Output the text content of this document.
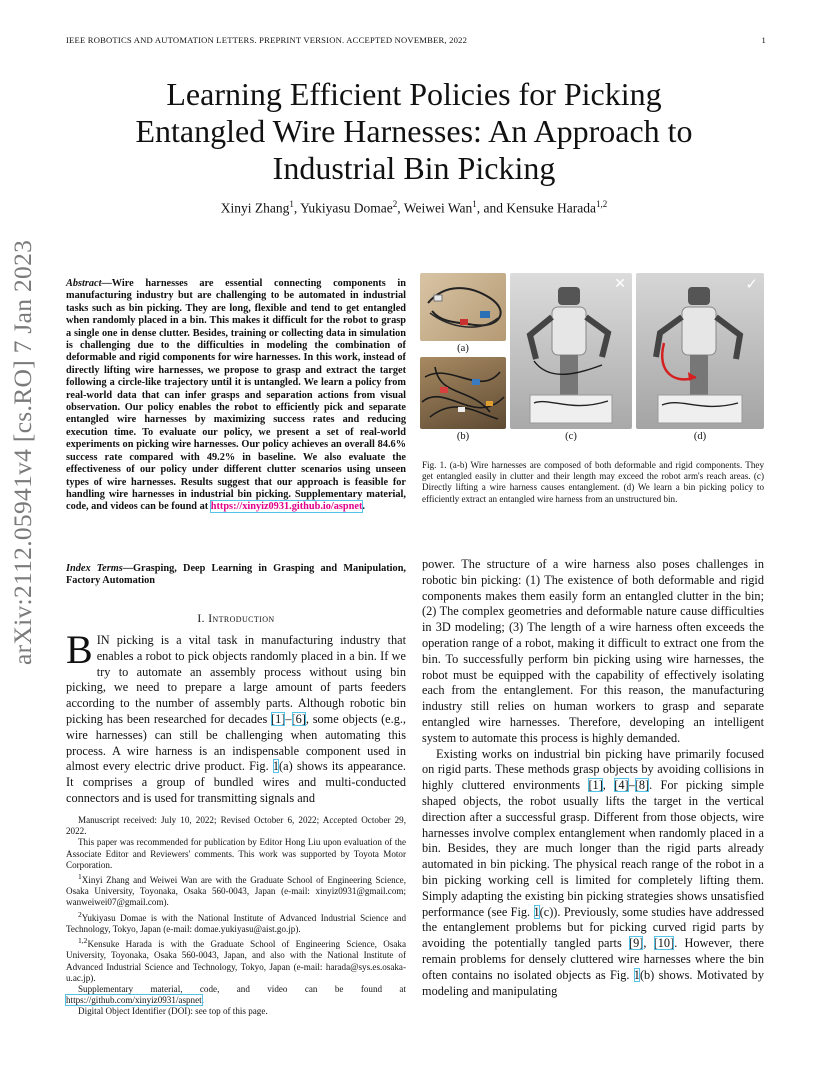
IEEE ROBOTICS AND AUTOMATION LETTERS. PREPRINT VERSION. ACCEPTED NOVEMBER, 2022	1
Learning Efficient Policies for Picking
Entangled Wire Harnesses: An Approach to
Industrial Bin Picking
Xinyi Zhang$^1$, Yukiyasu Domae$^2$, Weiwei Wan$^1$, and Kensuke Harada$^{1,2}$
arXiv:2112.05941v4 [cs.RO] 7 Jan 2023	Abstract—Wire harnesses are essential connecting components in manufacturing industry but are challenging to be automated in industrial tasks such as bin picking. They are long, flexible and tend to get entangled when randomly placed in a bin. This makes it difficult for the robot to grasp a single one in dense clutter. Besides, training or collecting data in simulation is challenging due to the difficulties in modeling the combination of deformable and rigid components for wire harnesses. In this work, instead of directly lifting wire harnesses, we propose to grasp and extract the target following a circle-like trajectory until it is untangled. We learn a policy from real-world data that can infer grasps and separation actions from visual observation. Our policy enables the robot to efficiently pick and separate entangled wire harnesses by maximizing success rates and reducing execution time. To evaluate our policy, we present a set of real-world experiments on picking wire harnesses. Our policy achieves an overall 84.6% success rate compared with 49.2% in baseline. We also evaluate the effectiveness of our policy under different clutter scenarios using unseen types of wire harnesses. Results suggest that our approach is feasible for handling wire harnesses in industrial bin picking. Supplementary material, code, and videos can be found at https://xinyiz0931.github.io/aspnet.
Index Terms—Grasping, Deep Learning in Grasping and Manipulation, Factory Automation
I. Introduction
BIN picking is a vital task in manufacturing industry that enables a robot to pick objects randomly placed in a bin. If we try to automate an assembly process without using bin picking, we need to prepare a large amount of parts feeders according to the number of assembly parts. Although robotic bin picking has been researched for decades [1]–[6], some objects (e.g., wire harnesses) can still be challenging when automating this process. A wire harness is an indispensable component used in almost every electric drive product. Fig. 1(a) shows its appearance. It comprises a group of bundled wires and multi-conducted connectors and is used for transmitting signals and

Manuscript received: July 10, 2022; Revised October 6, 2022; Accepted October 29, 2022.

This paper was recommended for publication by Editor Hong Liu upon evaluation of the Associate Editor and Reviewers' comments. This work was supported by Toyota Motor Corporation.

$^1$Xinyi Zhang and Weiwei Wan are with the Graduate School of Engineering Science, Osaka University, Toyonaka, Osaka 560-0043, Japan (e-mail: xinyiz0931@gmail.com; wanweiwei07@gmail.com).

$^2$Yukiyasu Domae is with the National Institute of Advanced Industrial Science and Technology, Tokyo, Japan (e-mail: domae.yukiyasu@aist.go.jp).

$^{1,2}$Kensuke Harada is with the Graduate School of Engineering Science, Osaka University, Toyonaka, Osaka 560-0043, Japan, and also with the National Institute of Advanced Industrial Science and Technology, Tokyo, Japan (e-mail: harada@sys.es.osaka-u.ac.jp).

Supplementary material, code, and video can be found at https://github.com/xinyiz0931/aspnet.

Digital Object Identifier (DOI): see top of this page.

(a)
(b)
✕
(c)
✓
(d)
Fig. 1. (a-b) Wire harnesses are composed of both deformable and rigid components. They get entangled easily in clutter and their length may exceed the robot arm's reach areas. (c) Directly lifting a wire harness causes entanglement. (d) We learn a bin picking policy to efficiently extract an entangled wire harness from an unstructured bin.

power. The structure of a wire harness also poses challenges in robotic bin picking: (1) The existence of both deformable and rigid components makes them easily form an entangled clutter in the bin; (2) The complex geometries and deformable nature cause difficulties in 3D modeling; (3) The length of a wire harness often exceeds the operation range of a robot, making it difficult to extract one from the bin. To successfully perform bin picking using wire harnesses, the robot must be equipped with the capability of effectively isolating each from the entanglement. For this reason, the manufacturing industry still relies on human workers to grasp and separate entangled wire harnesses. Therefore, developing an intelligent system to automate this process is highly demanded.

Existing works on industrial bin picking have primarily focused on rigid parts. These methods grasp objects by avoiding collisions in highly cluttered environments [1], [4]–[8]. For picking simple shaped objects, the robot usually lifts the target in the vertical direction after a successful grasp. Different from those objects, wire harnesses involve complex entanglement when randomly placed in a bin. Besides, they are much longer than the rigid parts already automated in bin picking. The physical reach range of the robot in a bin picking working cell is limited for completely lifting them. Simply adapting the existing bin picking strategies shows unsatisfied performance (see Fig. 1(c)). Previously, some studies have addressed the entanglement problems but for picking curved rigid parts by avoiding the potentially tangled parts [9], [10]. However, there remain problems for densely cluttered wire harnesses where the bin often contains no isolated objects as Fig. 1(b) shows. Motivated by modeling and manipulating
